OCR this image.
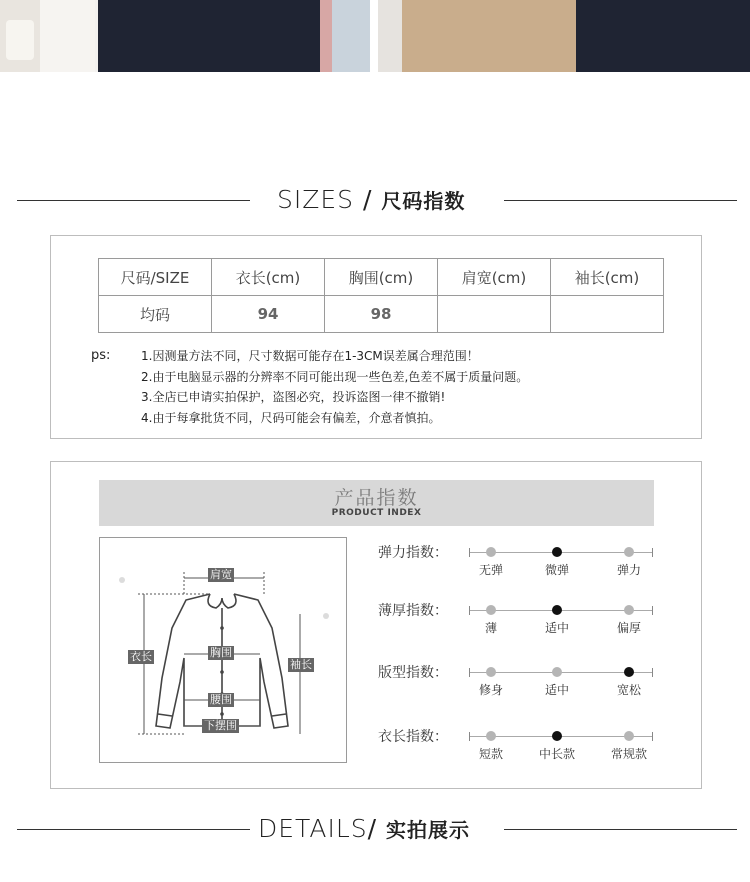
SIZES / 尺码指数
尺码/SIZE	衣长(cm)	胸围(cm)	肩宽(cm)	袖长(cm)
均码	94	98		
ps:	1.因测量方法不同，尺寸数据可能存在1-3CM误差属合理范围！
2.由于电脑显示器的分辨率不同可能出现一些色差,色差不属于质量问题。
3.全店已申请实拍保护，盗图必究，投诉盗图一律不撤销!
4.由于每拿批货不同，尺码可能会有偏差，介意者慎拍。
产品指数
PRODUCT INDEX
肩宽
衣长	胸围
袖长
腰围
下摆围
弹力指数：
无弹	微弹	弹力
薄厚指数：
薄	适中	偏厚
版型指数：
修身	适中	宽松
衣长指数：
短款	中长款	常规款
DETAILS/ 实拍展示
